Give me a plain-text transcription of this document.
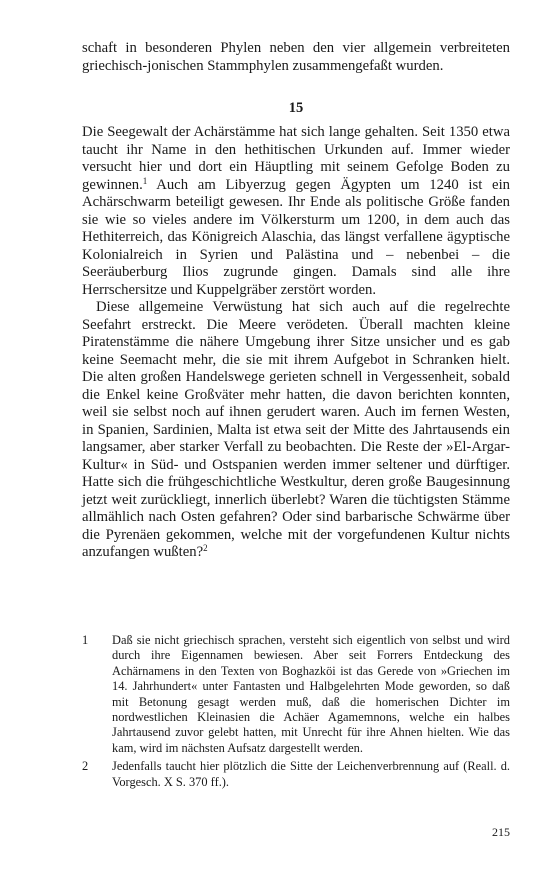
schaft in besonderen Phylen neben den vier allgemein verbreiteten griechisch-jonischen Stammphylen zusammengefaßt wurden.

15

Die Seegewalt der Achärstämme hat sich lange gehalten. Seit 1350 etwa taucht ihr Name in den hethitischen Urkunden auf. Immer wieder versucht hier und dort ein Häuptling mit seinem Gefolge Boden zu gewinnen.$^1$ Auch am Libyerzug gegen Ägypten um 1240 ist ein Achärschwarm beteiligt gewesen. Ihr Ende als politische Größe fanden sie wie so vieles andere im Völkersturm um 1200, in dem auch das Hethiterreich, das Königreich Alaschia, das längst verfallene ägyptische Kolonialreich in Syrien und Palästina und – nebenbei – die Seeräuberburg Ilios zugrunde gingen. Damals sind alle ihre Herrschersitze und Kuppelgräber zerstört worden.

Diese allgemeine Verwüstung hat sich auch auf die regelrechte Seefahrt erstreckt. Die Meere verödeten. Überall machten kleine Piratenstämme die nähere Umgebung ihrer Sitze unsicher und es gab keine Seemacht mehr, die sie mit ihrem Aufgebot in Schranken hielt. Die alten großen Handelswege gerieten schnell in Vergessenheit, sobald die Enkel keine Großväter mehr hatten, die davon berichten konnten, weil sie selbst noch auf ihnen gerudert waren. Auch im fernen Westen, in Spanien, Sardinien, Malta ist etwa seit der Mitte des Jahrtausends ein langsamer, aber starker Verfall zu beobachten. Die Reste der »El-Argar-Kultur« in Süd- und Ostspanien werden immer seltener und dürftiger. Hatte sich die frühgeschichtliche Westkultur, deren große Baugesinnung jetzt weit zurückliegt, innerlich überlebt? Waren die tüchtigsten Stämme allmählich nach Osten gefahren? Oder sind barbarische Schwärme über die Pyrenäen gekommen, welche mit der vorgefundenen Kultur nichts anzufangen wußten?$^2$

1	Daß sie nicht griechisch sprachen, versteht sich eigentlich von selbst und wird durch ihre Eigennamen bewiesen. Aber seit Forrers Entdeckung des Achärnamens in den Texten von Boghazköi ist das Gerede von »Griechen im 14. Jahrhundert« unter Fantasten und Halbgelehrten Mode geworden, so daß mit Betonung gesagt werden muß, daß die homerischen Dichter im nordwestlichen Kleinasien die Achäer Agamemnons, welche ein halbes Jahrtausend zuvor gelebt hatten, mit Unrecht für ihre Ahnen hielten. Wie das kam, wird im nächsten Aufsatz dargestellt werden.
2	Jedenfalls taucht hier plötzlich die Sitte der Leichenverbrennung auf (Reall. d. Vorgesch. X S. 370 ff.).
215
